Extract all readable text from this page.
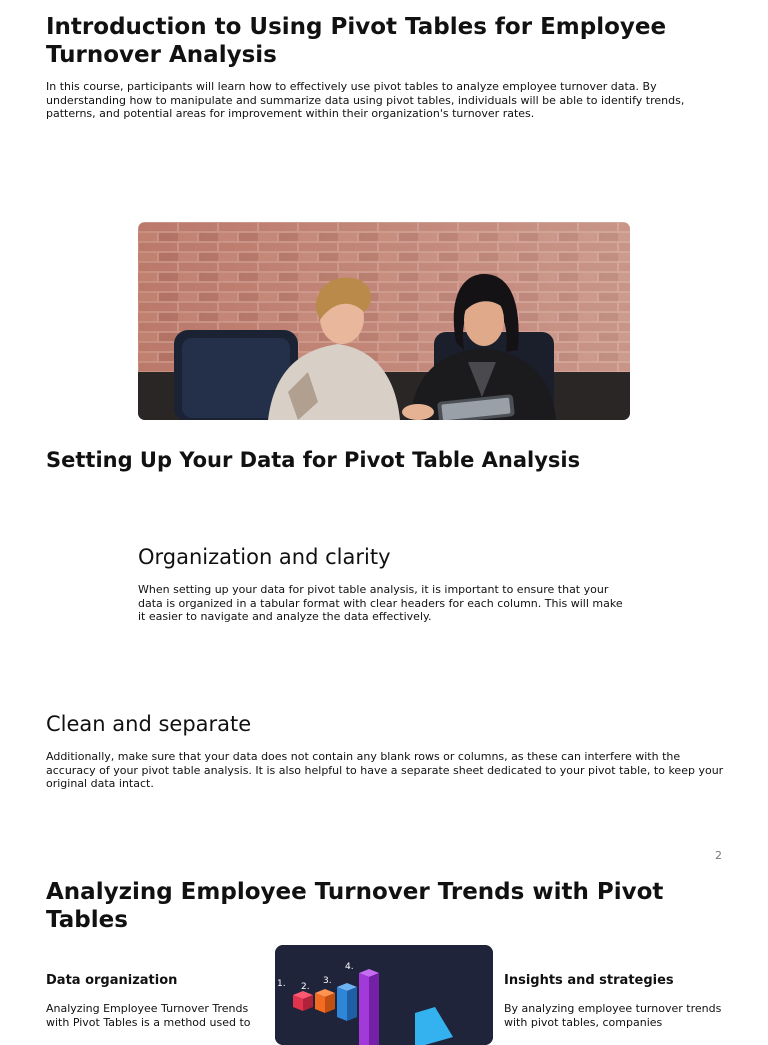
Introduction to Using Pivot Tables for Employee Turnover Analysis

In this course, participants will learn how to effectively use pivot tables to analyze employee turnover data. By understanding how to manipulate and summarize data using pivot tables, individuals will be able to identify trends, patterns, and potential areas for improvement within their organization's turnover rates.

Setting Up Your Data for Pivot Table Analysis
Organization and clarity

When setting up your data for pivot table analysis, it is important to ensure that your data is organized in a tabular format with clear headers for each column. This will make it easier to navigate and analyze the data effectively.

Clean and separate

Additionally, make sure that your data does not contain any blank rows or columns, as these can interfere with the accuracy of your pivot table analysis. It is also helpful to have a separate sheet dedicated to your pivot table, to keep your original data intact.

2
Analyzing Employee Turnover Trends with Pivot Tables
Data organization

Analyzing Employee Turnover Trends with Pivot Tables is a method used to

1. 2.
3.
4.
Insights and strategies

By analyzing employee turnover trends with pivot tables, companies
